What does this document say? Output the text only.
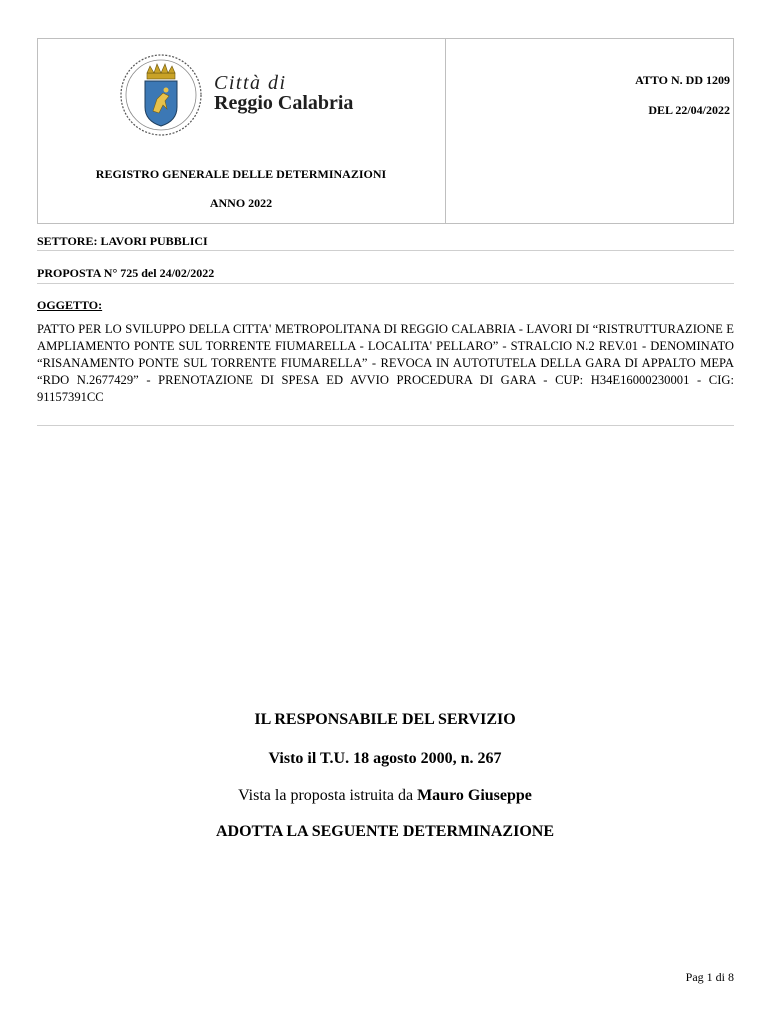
Città di
Reggio Calabria
ATTO N. DD 1209
DEL 22/04/2022
REGISTRO GENERALE DELLE DETERMINAZIONI
ANNO 2022
SETTORE: LAVORI PUBBLICI
PROPOSTA N° 725 del 24/02/2022
OGGETTO:
PATTO PER LO SVILUPPO DELLA CITTA' METROPOLITANA DI REGGIO CALABRIA - LAVORI DI “RISTRUTTURAZIONE E AMPLIAMENTO PONTE SUL TORRENTE FIUMARELLA - LOCALITA' PELLARO” - STRALCIO N.2 REV.01 - DENOMINATO “RISANAMENTO PONTE SUL TORRENTE FIUMARELLA” - REVOCA IN AUTOTUTELA DELLA GARA DI APPALTO MEPA “RDO N.2677429” - PRENOTAZIONE DI SPESA ED AVVIO PROCEDURA DI GARA - CUP: H34E16000230001 - CIG: 91157391CC
IL RESPONSABILE DEL SERVIZIO
Visto il T.U. 18 agosto 2000, n. 267
Vista la proposta istruita da Mauro Giuseppe
ADOTTA LA SEGUENTE DETERMINAZIONE
Pag 1 di 8
